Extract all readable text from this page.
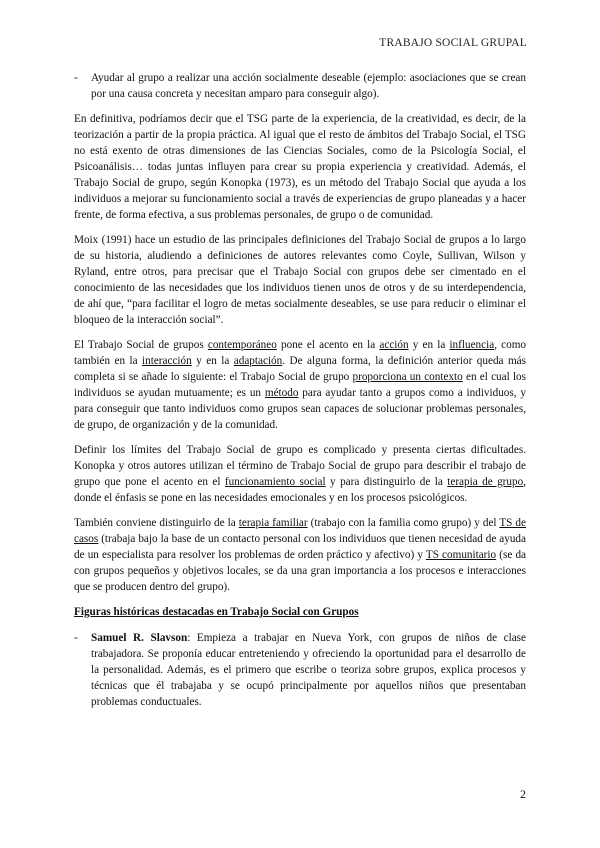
TRABAJO SOCIAL GRUPAL
- Ayudar al grupo a realizar una acción socialmente deseable (ejemplo: asociaciones que se crean por una causa concreta y necesitan amparo para conseguir algo).

En definitiva, podríamos decir que el TSG parte de la experiencia, de la creatividad, es decir, de la teorización a partir de la propia práctica. Al igual que el resto de ámbitos del Trabajo Social, el TSG no está exento de otras dimensiones de las Ciencias Sociales, como de la Psicología Social, el Psicoanálisis… todas juntas influyen para crear su propia experiencia y creatividad. Además, el Trabajo Social de grupo, según Konopka (1973), es un método del Trabajo Social que ayuda a los individuos a mejorar su funcionamiento social a través de experiencias de grupo planeadas y a hacer frente, de forma efectiva, a sus problemas personales, de grupo o de comunidad.

Moix (1991) hace un estudio de las principales definiciones del Trabajo Social de grupos a lo largo de su historia, aludiendo a definiciones de autores relevantes como Coyle, Sullivan, Wilson y Ryland, entre otros, para precisar que el Trabajo Social con grupos debe ser cimentado en el conocimiento de las necesidades que los individuos tienen unos de otros y de su interdependencia, de ahí que, “para facilitar el logro de metas socialmente deseables, se use para reducir o eliminar el bloqueo de la interacción social”.

El Trabajo Social de grupos contemporáneo pone el acento en la acción y en la influencia, como también en la interacción y en la adaptación. De alguna forma, la definición anterior queda más completa si se añade lo siguiente: el Trabajo Social de grupo proporciona un contexto en el cual los individuos se ayudan mutuamente; es un método para ayudar tanto a grupos como a individuos, y para conseguir que tanto individuos como grupos sean capaces de solucionar problemas personales, de grupo, de organización y de la comunidad.

Definir los límites del Trabajo Social de grupo es complicado y presenta ciertas dificultades. Konopka y otros autores utilizan el término de Trabajo Social de grupo para describir el trabajo de grupo que pone el acento en el funcionamiento social y para distinguirlo de la terapia de grupo, donde el énfasis se pone en las necesidades emocionales y en los procesos psicológicos.

También conviene distinguirlo de la terapia familiar (trabajo con la familia como grupo) y del TS de casos (trabaja bajo la base de un contacto personal con los individuos que tienen necesidad de ayuda de un especialista para resolver los problemas de orden práctico y afectivo) y TS comunitario (se da con grupos pequeños y objetivos locales, se da una gran importancia a los procesos e interacciones que se producen dentro del grupo).

Figuras históricas destacadas en Trabajo Social con Grupos
- Samuel R. Slavson: Empieza a trabajar en Nueva York, con grupos de niños de clase trabajadora. Se proponía educar entreteniendo y ofreciendo la oportunidad para el desarrollo de la personalidad. Además, es el primero que escribe o teoriza sobre grupos, explica procesos y técnicas que él trabajaba y se ocupó principalmente por aquellos niños que presentaban problemas conductuales.
2
